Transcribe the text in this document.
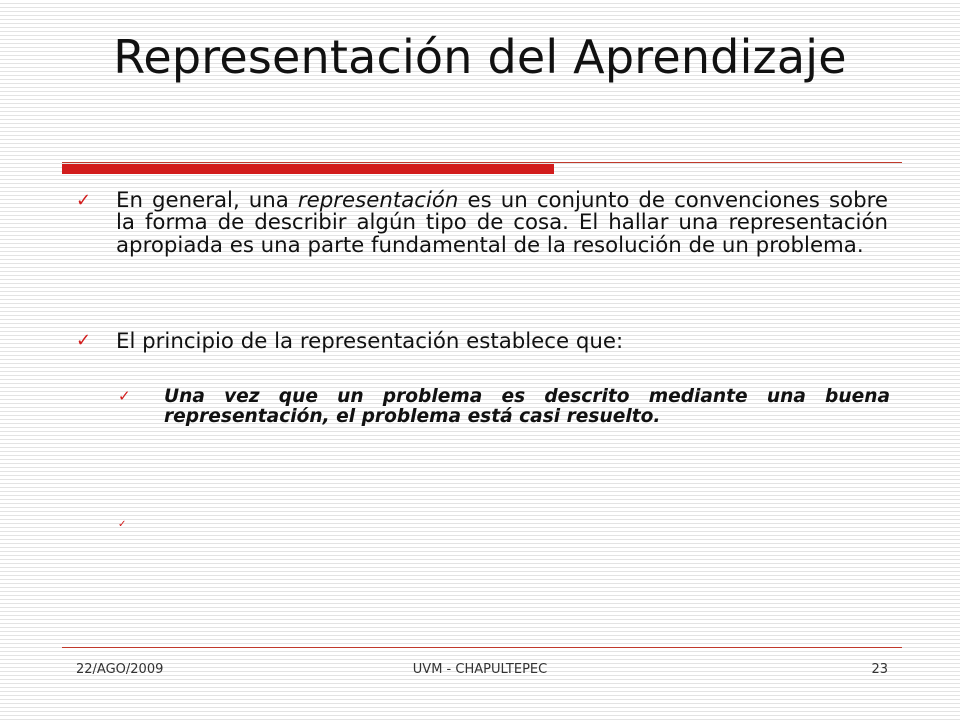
Representación del Aprendizaje
✓	En general, una representación es un conjunto de convenciones sobre la forma de describir algún tipo de cosa. El hallar una representación apropiada es una parte fundamental de la resolución de un problema.
✓	El principio de la representación establece que:
✓	Una vez que un problema es descrito mediante una buena representación, el problema está casi resuelto.
✓
22/AGO/2009	UVM - CHAPULTEPEC	23
